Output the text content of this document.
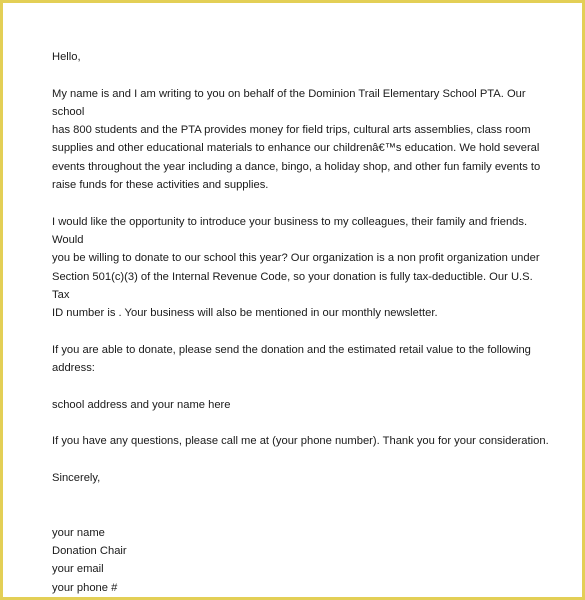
Hello,

My name is and I am writing to you on behalf of the Dominion Trail Elementary School PTA. Our school
has 800 students and the PTA provides money for field trips, cultural arts assemblies, class room
supplies and other educational materials to enhance our childrenâ€™s education. We hold several
events throughout the year including a dance, bingo, a holiday shop, and other fun family events to
raise funds for these activities and supplies.

I would like the opportunity to introduce your business to my colleagues, their family and friends. Would
you be willing to donate to our school this year? Our organization is a non profit organization under
Section 501(c)(3) of the Internal Revenue Code, so your donation is fully tax-deductible. Our U.S. Tax
ID number is . Your business will also be mentioned in our monthly newsletter.

If you are able to donate, please send the donation and the estimated retail value to the following
address:

school address and your name here

If you have any questions, please call me at (your phone number). Thank you for your consideration.

Sincerely,

your name

Donation Chair

your email

your phone #
